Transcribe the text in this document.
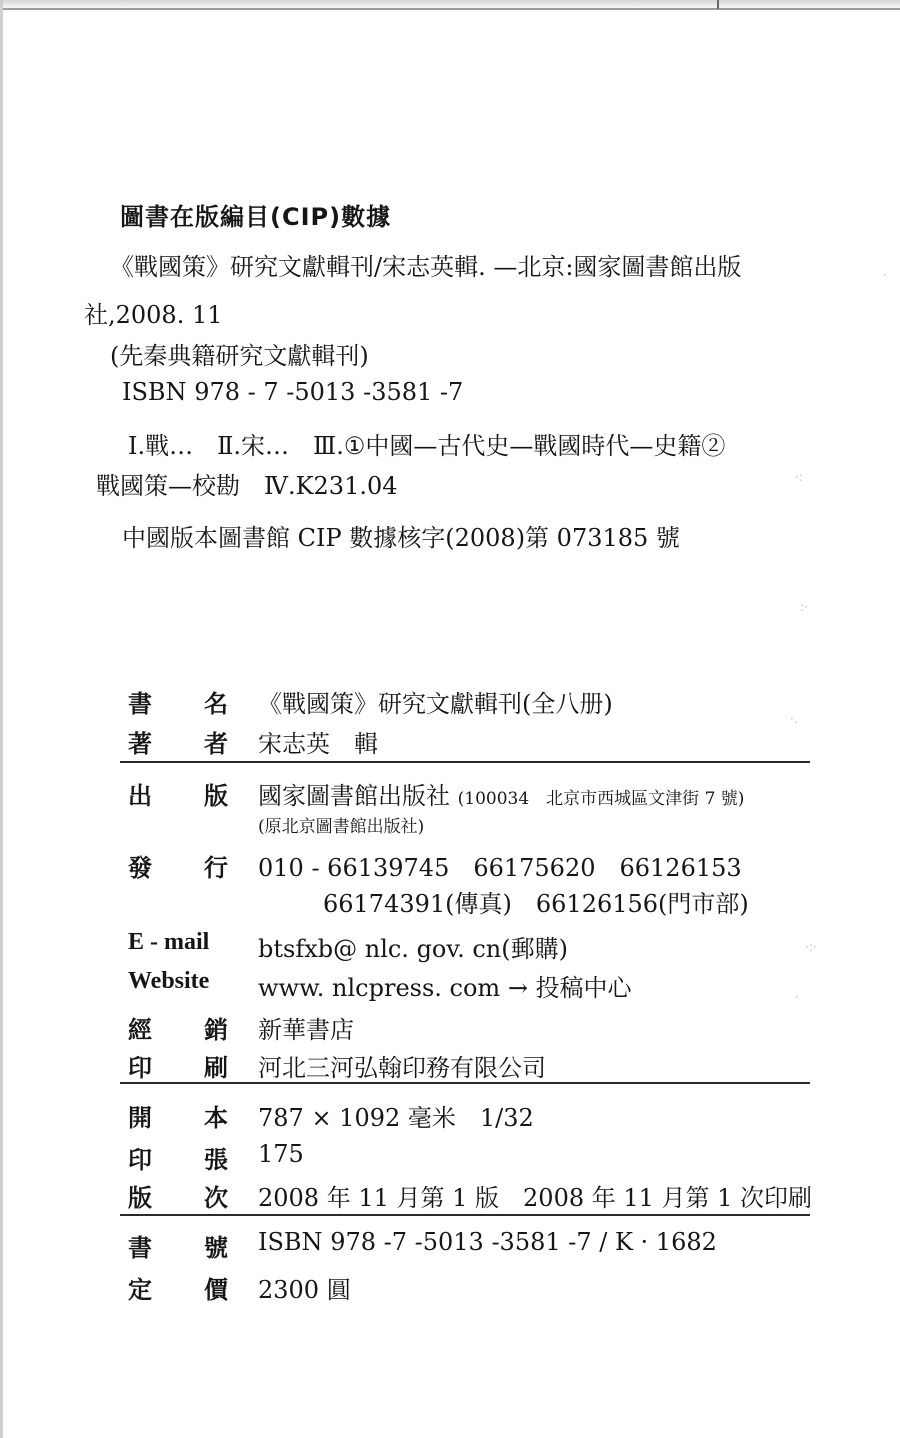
·
·:
:·
·.
·:·
·
圖書在版編目(CIP)數據
《戰國策》研究文獻輯刊/宋志英輯. —北京:國家圖書館出版
社,2008. 11
(先秦典籍研究文獻輯刊)
ISBN 978 - 7 -5013 -3581 -7
Ⅰ.戰…　Ⅱ.宋…　Ⅲ.①中國—古代史—戰國時代—史籍②
戰國策—校勘　Ⅳ.K231.04
中國版本圖書館 CIP 數據核字(2008)第 073185 號
書 名 《戰國策》研究文獻輯刊(全八册)
著 者 宋志英　輯
出 版 國家圖書館出版社 (100034　北京市西城區文津街 7 號)
(原北京圖書館出版社)
發 行 010 - 66139745　66175620　66126153
66174391(傳真)　66126156(門市部)
E - mail	btsfxb@ nlc. gov. cn(郵購)
Website	www. nlcpress. com → 投稿中心
經 銷 新華書店
印 刷 河北三河弘翰印務有限公司
開 本 787 × 1092 毫米　1/32
印 張 175
版 次 2008 年 11 月第 1 版　2008 年 11 月第 1 次印刷
書 號 ISBN 978 -7 -5013 -3581 -7 / K · 1682
定 價 2300 圓
